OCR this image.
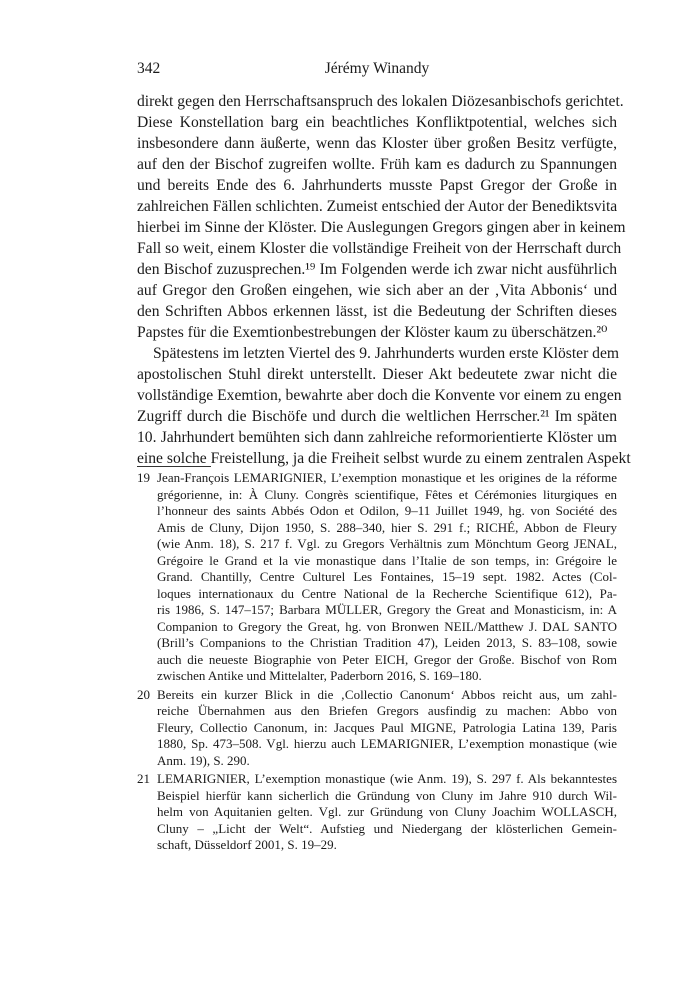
342	Jérémy Winandy
direkt gegen den Herrschaftsanspruch des lokalen Diözesanbischofs gerichtet.
Diese Konstellation barg ein beachtliches Konfliktpotential, welches sich
insbesondere dann äußerte, wenn das Kloster über großen Besitz verfügte,
auf den der Bischof zugreifen wollte. Früh kam es dadurch zu Spannungen
und bereits Ende des 6. Jahrhunderts musste Papst Gregor der Große in
zahlreichen Fällen schlichten. Zumeist entschied der Autor der Benediktsvita
hierbei im Sinne der Klöster. Die Auslegungen Gregors gingen aber in keinem
Fall so weit, einem Kloster die vollständige Freiheit von der Herrschaft durch
den Bischof zuzusprechen.¹⁹ Im Folgenden werde ich zwar nicht ausführlich
auf Gregor den Großen eingehen, wie sich aber an der ‚Vita Abbonis‘ und
den Schriften Abbos erkennen lässt, ist die Bedeutung der Schriften dieses
Papstes für die Exemtionbestrebungen der Klöster kaum zu überschätzen.²⁰
Spätestens im letzten Viertel des 9. Jahrhunderts wurden erste Klöster dem
apostolischen Stuhl direkt unterstellt. Dieser Akt bedeutete zwar nicht die
vollständige Exemtion, bewahrte aber doch die Konvente vor einem zu engen
Zugriff durch die Bischöfe und durch die weltlichen Herrscher.²¹ Im späten
10. Jahrhundert bemühten sich dann zahlreiche reformorientierte Klöster um
eine solche Freistellung, ja die Freiheit selbst wurde zu einem zentralen Aspekt
19 Jean-François LEMARIGNIER, L’exemption monastique et les origines de la réforme
grégorienne, in: À Cluny. Congrès scientifique, Fêtes et Cérémonies liturgiques en
l’honneur des saints Abbés Odon et Odilon, 9–11 Juillet 1949, hg. von Société des
Amis de Cluny, Dijon 1950, S. 288–340, hier S. 291 f.; RICHÉ, Abbon de Fleury
(wie Anm. 18), S. 217 f. Vgl. zu Gregors Verhältnis zum Mönchtum Georg JENAL,
Grégoire le Grand et la vie monastique dans l’Italie de son temps, in: Grégoire le
Grand. Chantilly, Centre Culturel Les Fontaines, 15–19 sept. 1982. Actes (Col-
loques internationaux du Centre National de la Recherche Scientifique 612), Pa-
ris 1986, S. 147–157; Barbara MÜLLER, Gregory the Great and Monasticism, in: A
Companion to Gregory the Great, hg. von Bronwen NEIL/Matthew J. DAL SANTO
(Brill’s Companions to the Christian Tradition 47), Leiden 2013, S. 83–108, sowie
auch die neueste Biographie von Peter EICH, Gregor der Große. Bischof von Rom
zwischen Antike und Mittelalter, Paderborn 2016, S. 169–180.
20 Bereits ein kurzer Blick in die ‚Collectio Canonum‘ Abbos reicht aus, um zahl-
reiche Übernahmen aus den Briefen Gregors ausfindig zu machen: Abbo von
Fleury, Collectio Canonum, in: Jacques Paul MIGNE, Patrologia Latina 139, Paris
1880, Sp. 473–508. Vgl. hierzu auch LEMARIGNIER, L’exemption monastique (wie
Anm. 19), S. 290.
21 LEMARIGNIER, L’exemption monastique (wie Anm. 19), S. 297 f. Als bekanntestes
Beispiel hierfür kann sicherlich die Gründung von Cluny im Jahre 910 durch Wil-
helm von Aquitanien gelten. Vgl. zur Gründung von Cluny Joachim WOLLASCH,
Cluny – „Licht der Welt“. Aufstieg und Niedergang der klösterlichen Gemein-
schaft, Düsseldorf 2001, S. 19–29.
